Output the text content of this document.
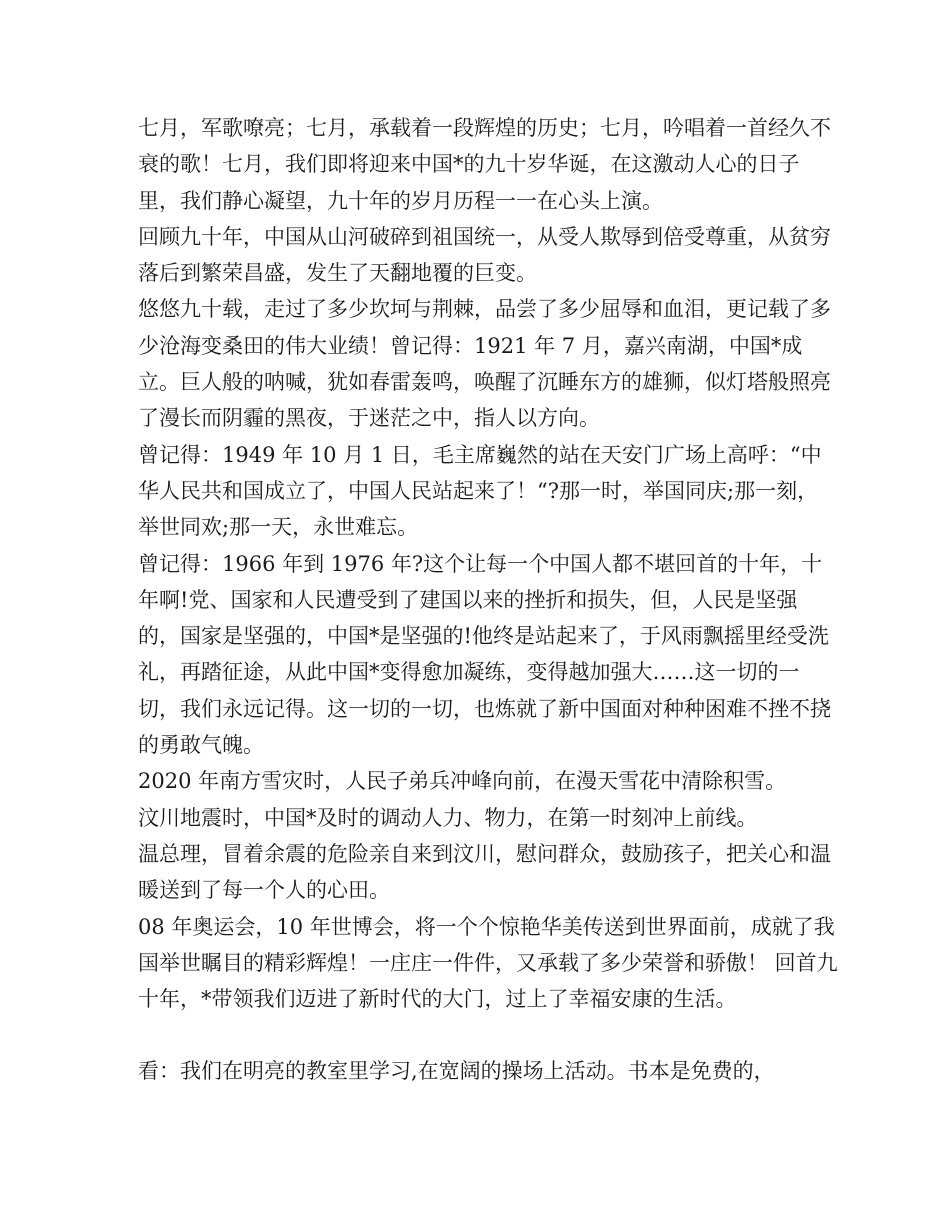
七月，军歌嘹亮；七月，承载着一段辉煌的历史；七月，吟唱着一首经久不衰的歌！七月，我们即将迎来中国*的九十岁华诞，在这激动人心的日子里，我们静心凝望，九十年的岁月历程一一在心头上演。

回顾九十年，中国从山河破碎到祖国统一，从受人欺辱到倍受尊重，从贫穷落后到繁荣昌盛，发生了天翻地覆的巨变。

悠悠九十载，走过了多少坎坷与荆棘，品尝了多少屈辱和血泪，更记载了多少沧海变桑田的伟大业绩！曾记得：1921 年 7 月，嘉兴南湖，中国*成立。巨人般的呐喊，犹如春雷轰鸣，唤醒了沉睡东方的雄狮，似灯塔般照亮了漫长而阴霾的黑夜，于迷茫之中，指人以方向。

曾记得：1949 年 10 月 1 日，毛主席巍然的站在天安门广场上高呼：“中华人民共和国成立了，中国人民站起来了！“?那一时，举国同庆;那一刻，举世同欢;那一天，永世难忘。

曾记得：1966 年到 1976 年?这个让每一个中国人都不堪回首的十年，十年啊!党、国家和人民遭受到了建国以来的挫折和损失，但，人民是坚强的，国家是坚强的，中国*是坚强的!他终是站起来了，于风雨飘摇里经受洗礼，再踏征途，从此中国*变得愈加凝练，变得越加强大……这一切的一切，我们永远记得。这一切的一切，也炼就了新中国面对种种困难不挫不挠的勇敢气魄。

2020 年南方雪灾时，人民子弟兵冲峰向前，在漫天雪花中清除积雪。

汶川地震时，中国*及时的调动人力、物力，在第一时刻冲上前线。

温总理，冒着余震的危险亲自来到汶川，慰问群众，鼓励孩子，把关心和温暖送到了每一个人的心田。

08 年奥运会，10 年世博会，将一个个惊艳华美传送到世界面前，成就了我国举世瞩目的精彩辉煌！一庄庄一件件，又承载了多少荣誉和骄傲！ 回首九十年，*带领我们迈进了新时代的大门，过上了幸福安康的生活。

看：我们在明亮的教室里学习,在宽阔的操场上活动。书本是免费的，
